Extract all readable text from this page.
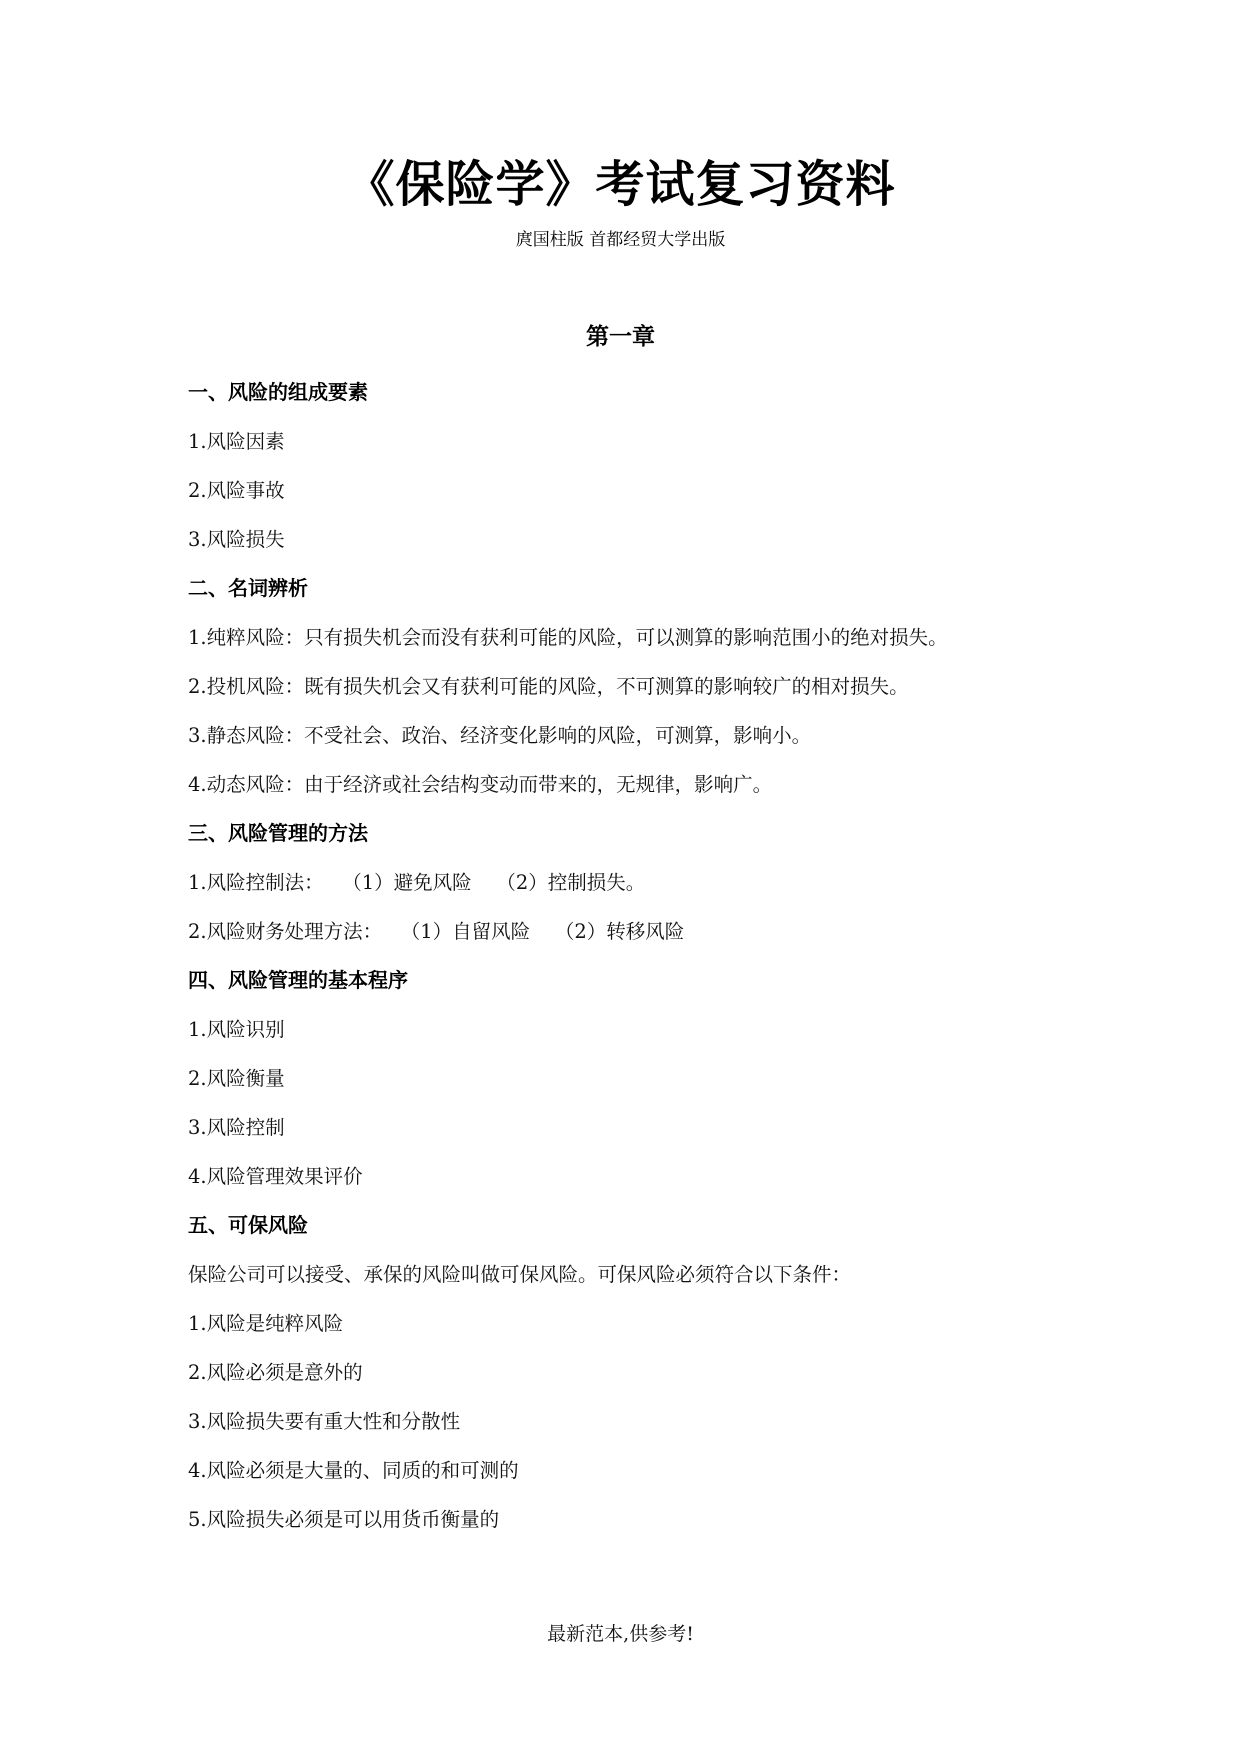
《保险学》考试复习资料
庹国柱版 首都经贸大学出版
第一章
一、风险的组成要素
1.风险因素
2.风险事故
3.风险损失
二、名词辨析
1.纯粹风险：只有损失机会而没有获利可能的风险，可以测算的影响范围小的绝对损失。
2.投机风险：既有损失机会又有获利可能的风险，不可测算的影响较广的相对损失。
3.静态风险：不受社会、政治、经济变化影响的风险，可测算，影响小。
4.动态风险：由于经济或社会结构变动而带来的，无规律，影响广。
三、风险管理的方法
1.风险控制法：   （1）避免风险    （2）控制损失。
2.风险财务处理方法：   （1）自留风险    （2）转移风险
四、风险管理的基本程序
1.风险识别
2.风险衡量
3.风险控制
4.风险管理效果评价
五、可保风险
保险公司可以接受、承保的风险叫做可保风险。可保风险必须符合以下条件：
1.风险是纯粹风险
2.风险必须是意外的
3.风险损失要有重大性和分散性
4.风险必须是大量的、同质的和可测的
5.风险损失必须是可以用货币衡量的
最新范本,供参考!
